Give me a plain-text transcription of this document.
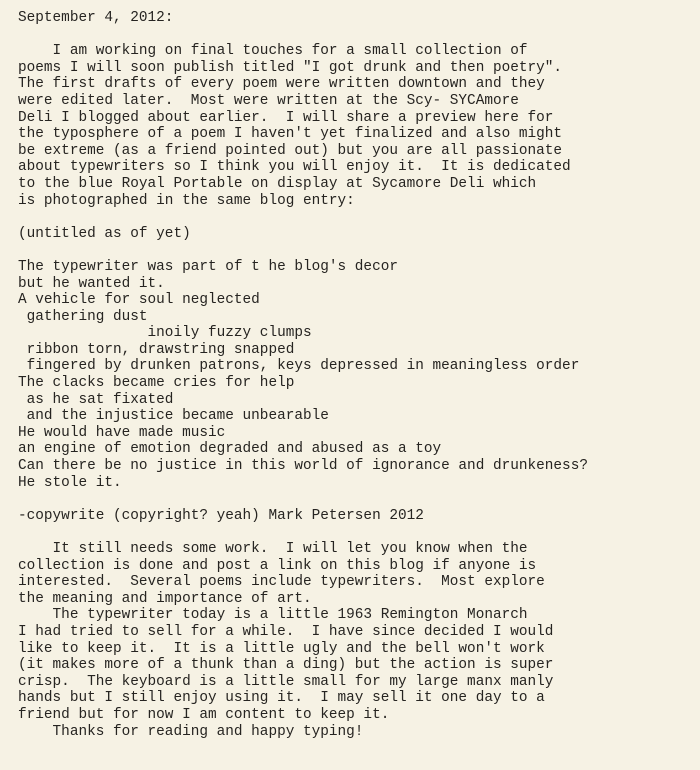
September 4, 2012:
I am working on final touches for a small collection of
poems I will soon publish titled "I got drunk and then poetry".
The first drafts of every poem were written downtown and they
were edited later.  Most were written at the Scy- SYCAmore
Deli I blogged about earlier.  I will share a preview here for
the typosphere of a poem I haven't yet finalized and also might
be extreme (as a friend pointed out) but you are all passionate
about typewriters so I think you will enjoy it.  It is dedicated
to the blue Royal Portable on display at Sycamore Deli which
is photographed in the same blog entry:
(untitled as of yet)
The typewriter was part of t he blog's decor
but he wanted it.
A vehicle for soul neglected
gathering dust
inoily fuzzy clumps
ribbon torn, drawstring snapped
fingered by drunken patrons, keys depressed in meaningless order
The clacks became cries for help
as he sat fixated
and the injustice became unbearable
He would have made music
an engine of emotion degraded and abused as a toy
Can there be no justice in this world of ignorance and drunkeness?
He stole it.
-copywrite (copyright? yeah) Mark Petersen 2012
It still needs some work.  I will let you know when the
collection is done and post a link on this blog if anyone is
interested.  Several poems include typewriters.  Most explore
the meaning and importance of art.
The typewriter today is a little 1963 Remington Monarch
I had tried to sell for a while.  I have since decided I would
like to keep it.  It is a little ugly and the bell won't work
(it makes more of a thunk than a ding) but the action is super
crisp.  The keyboard is a little small for my large manx manly
hands but I still enjoy using it.  I may sell it one day to a
friend but for now I am content to keep it.
Thanks for reading and happy typing!
